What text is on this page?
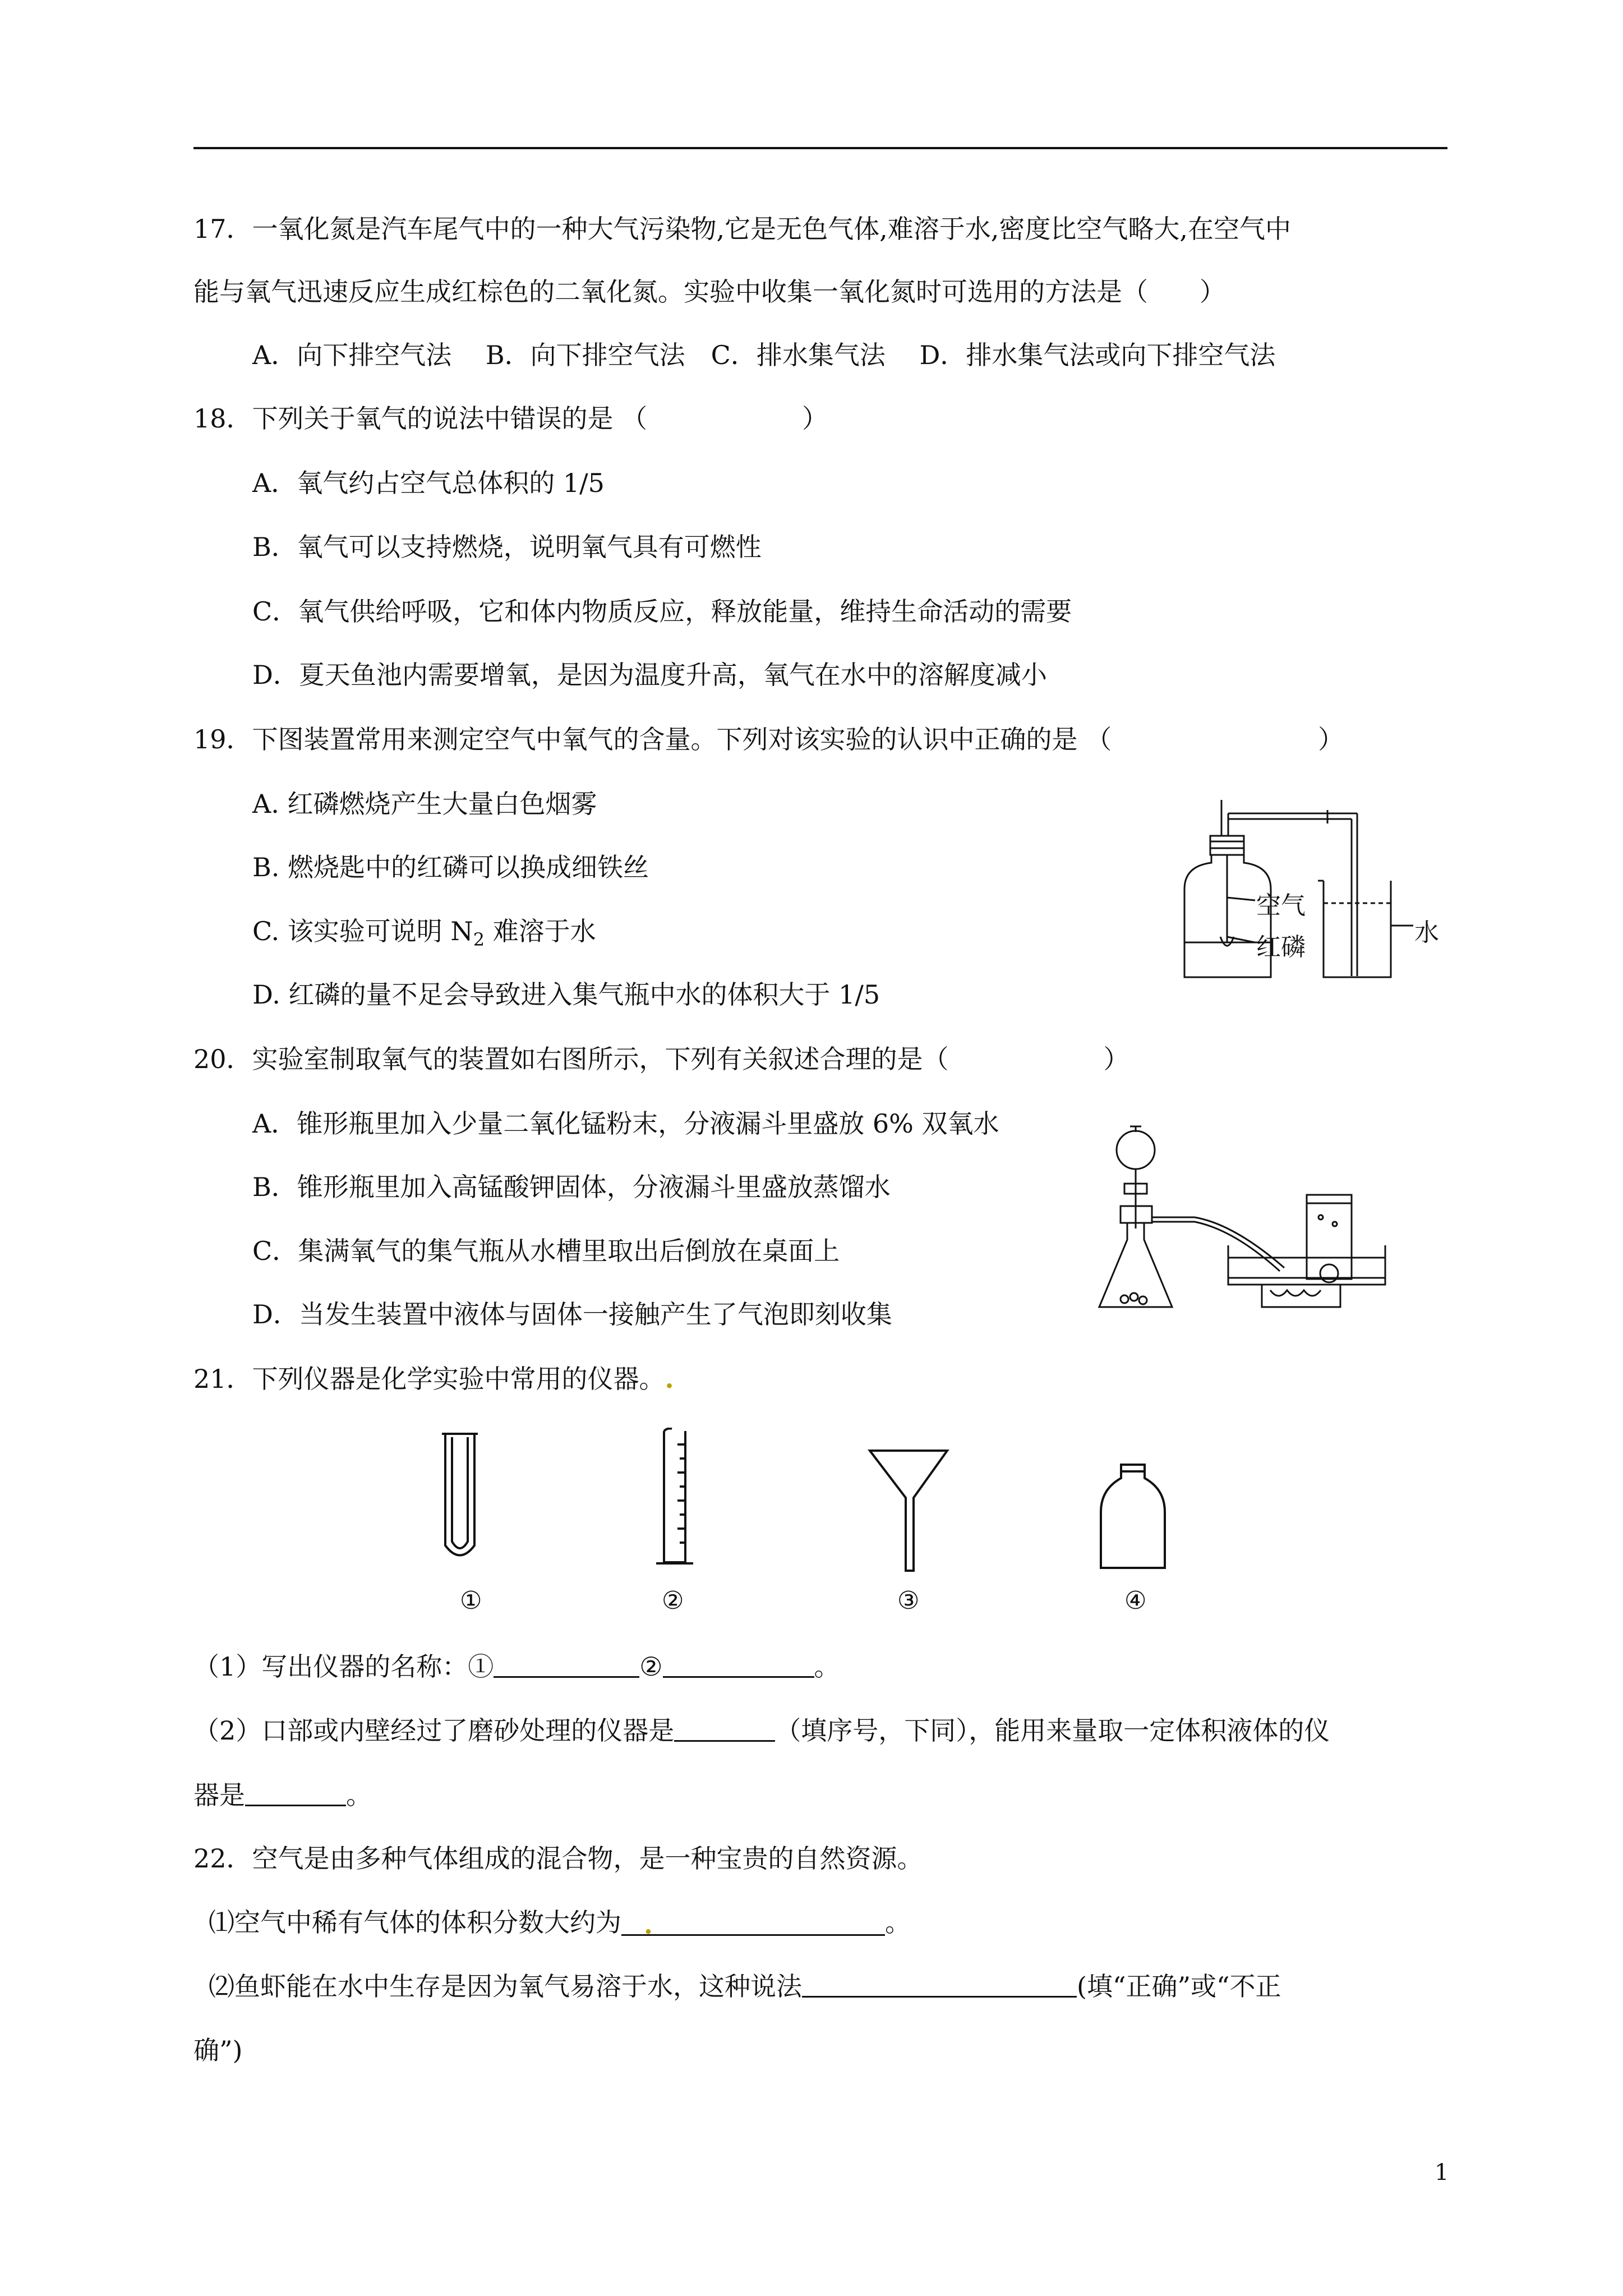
17．一氧化氮是汽车尾气中的一种大气污染物,它是无色气体,难溶于水,密度比空气略大,在空气中
能与氧气迅速反应生成红棕色的二氧化氮。实验中收集一氧化氮时可选用的方法是（　　）
A．向下排空气法　 B．向下排空气法　C．排水集气法　 D．排水集气法或向下排空气法
18．下列关于氧气的说法中错误的是 （　　　　　　）
A．氧气约占空气总体积的 1/5
B．氧气可以支持燃烧，说明氧气具有可燃性
C．氧气供给呼吸，它和体内物质反应，释放能量，维持生命活动的需要
D．夏天鱼池内需要增氧，是因为温度升高，氧气在水中的溶解度减小
19．下图装置常用来测定空气中氧气的含量。下列对该实验的认识中正确的是 （　　　　　　　　）
A. 红磷燃烧产生大量白色烟雾
B. 燃烧匙中的红磷可以换成细铁丝
C. 该实验可说明 $N_2$ 难溶于水
D. 红磷的量不足会导致进入集气瓶中水的体积大于 1/5
空气
红磷
水
20．实验室制取氧气的装置如右图所示，下列有关叙述合理的是（　　　　　　）
A．锥形瓶里加入少量二氧化锰粉末，分液漏斗里盛放 6% 双氧水
B．锥形瓶里加入高锰酸钾固体，分液漏斗里盛放蒸馏水
C．集满氧气的集气瓶从水槽里取出后倒放在桌面上
D．当发生装置中液体与固体一接触产生了气泡即刻收集
21．下列仪器是化学实验中常用的仪器。.
①	②	③	④
（1）写出仪器的名称：①	②	。
（2）口部或内壁经过了磨砂处理的仪器是	（填序号，下同），能用来量取一定体积液体的仪
器是	。
22．空气是由多种气体组成的混合物，是一种宝贵的自然资源。
⑴空气中稀有气体的体积分数大约为 .	。
⑵鱼虾能在水中生存是因为氧气易溶于水，这种说法	(填“正确”或“不正
确”)
1
